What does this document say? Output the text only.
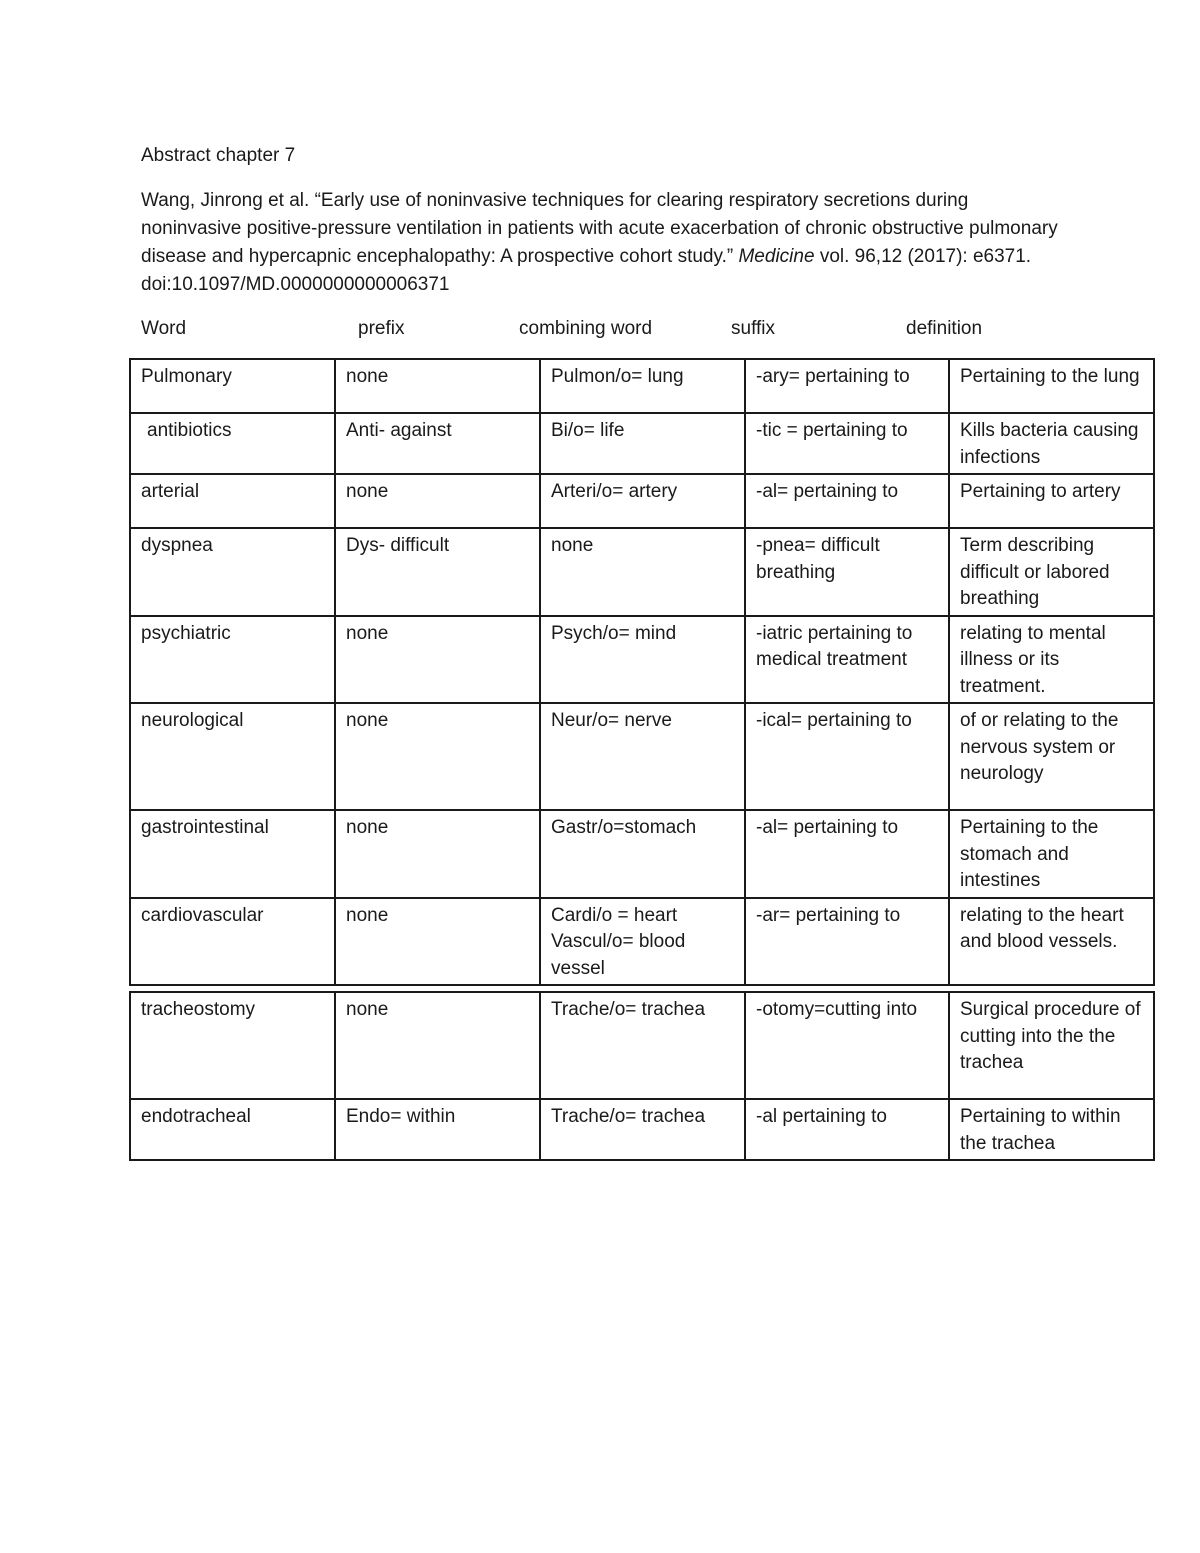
Abstract chapter 7

Wang, Jinrong et al. “Early use of noninvasive techniques for clearing respiratory secretions during noninvasive positive-pressure ventilation in patients with acute exacerbation of chronic obstructive pulmonary disease and hypercapnic encephalopathy: A prospective cohort study.” Medicine vol. 96,12 (2017): e6371. doi:10.1097/MD.0000000000006371

Word	prefix	combining word	suffix	definition
Pulmonary	none	Pulmon/o= lung	-ary= pertaining to	Pertaining to the lung
antibiotics	Anti- against	Bi/o= life	-tic = pertaining to	Kills bacteria causing infections
arterial	none	Arteri/o= artery	-al= pertaining to	Pertaining to artery
dyspnea	Dys- difficult	none	-pnea= difficult breathing	Term describing difficult or labored breathing
psychiatric	none	Psych/o= mind	-iatric pertaining to medical treatment	relating to mental illness or its treatment.
neurological	none	Neur/o= nerve	-ical= pertaining to	of or relating to the nervous system or neurology
gastrointestinal	none	Gastr/o=stomach	-al= pertaining to	Pertaining to the stomach and intestines
cardiovascular	none	Cardi/o = heart Vascul/o= blood vessel	-ar= pertaining to	relating to the heart and blood vessels.
tracheostomy	none	Trache/o= trachea	-otomy=cutting into	Surgical procedure of cutting into the the trachea
endotracheal	Endo= within	Trache/o= trachea	-al pertaining to	Pertaining to within the trachea
